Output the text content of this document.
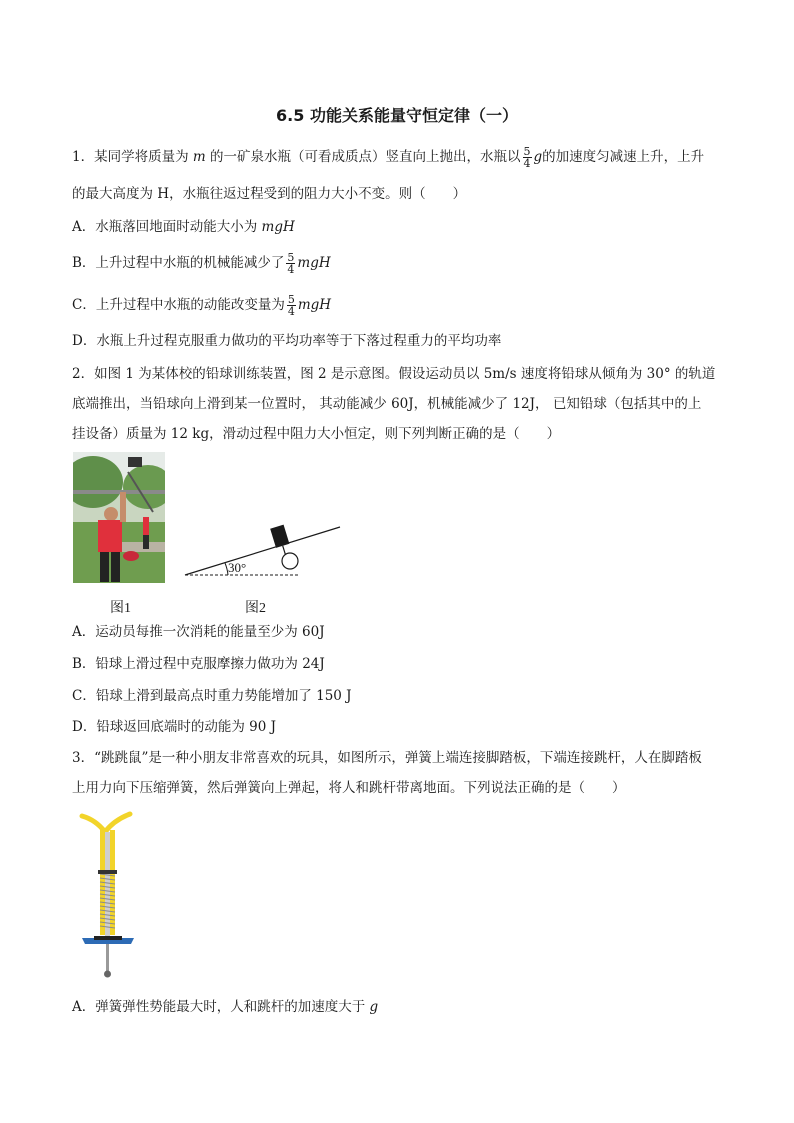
6.5 功能关系能量守恒定律（一）
1．某同学将质量为 m 的一矿泉水瓶（可看成质点）竖直向上抛出，水瓶以 $\frac{5}{4}$ g的加速度匀减速上升，上升
的最大高度为 H，水瓶往返过程受到的阻力大小不变。则（　　）
A．水瓶落回地面时动能大小为 mgH
B．上升过程中水瓶的机械能减少了 $\frac{5}{4}$ mgH
C．上升过程中水瓶的动能改变量为 $\frac{5}{4}$ mgH
D．水瓶上升过程克服重力做功的平均功率等于下落过程重力的平均功率
2．如图 1 为某体校的铅球训练装置，图 2 是示意图。假设运动员以 5m/s 速度将铅球从倾角为 30° 的轨道
底端推出，当铅球向上滑到某一位置时， 其动能减少 60J，机械能减少了 12J， 已知铅球（包括其中的上
挂设备）质量为 12 kg，滑动过程中阻力大小恒定，则下列判断正确的是（　　）
30°
图1	图2
A．运动员每推一次消耗的能量至少为 60J
B．铅球上滑过程中克服摩擦力做功为 24J
C．铅球上滑到最高点时重力势能增加了 150 J
D．铅球返回底端时的动能为 90 J
3．“跳跳鼠”是一种小朋友非常喜欢的玩具，如图所示，弹簧上端连接脚踏板，下端连接跳杆，人在脚踏板
上用力向下压缩弹簧，然后弹簧向上弹起，将人和跳杆带离地面。下列说法正确的是（　　）
A．弹簧弹性势能最大时，人和跳杆的加速度大于 g
